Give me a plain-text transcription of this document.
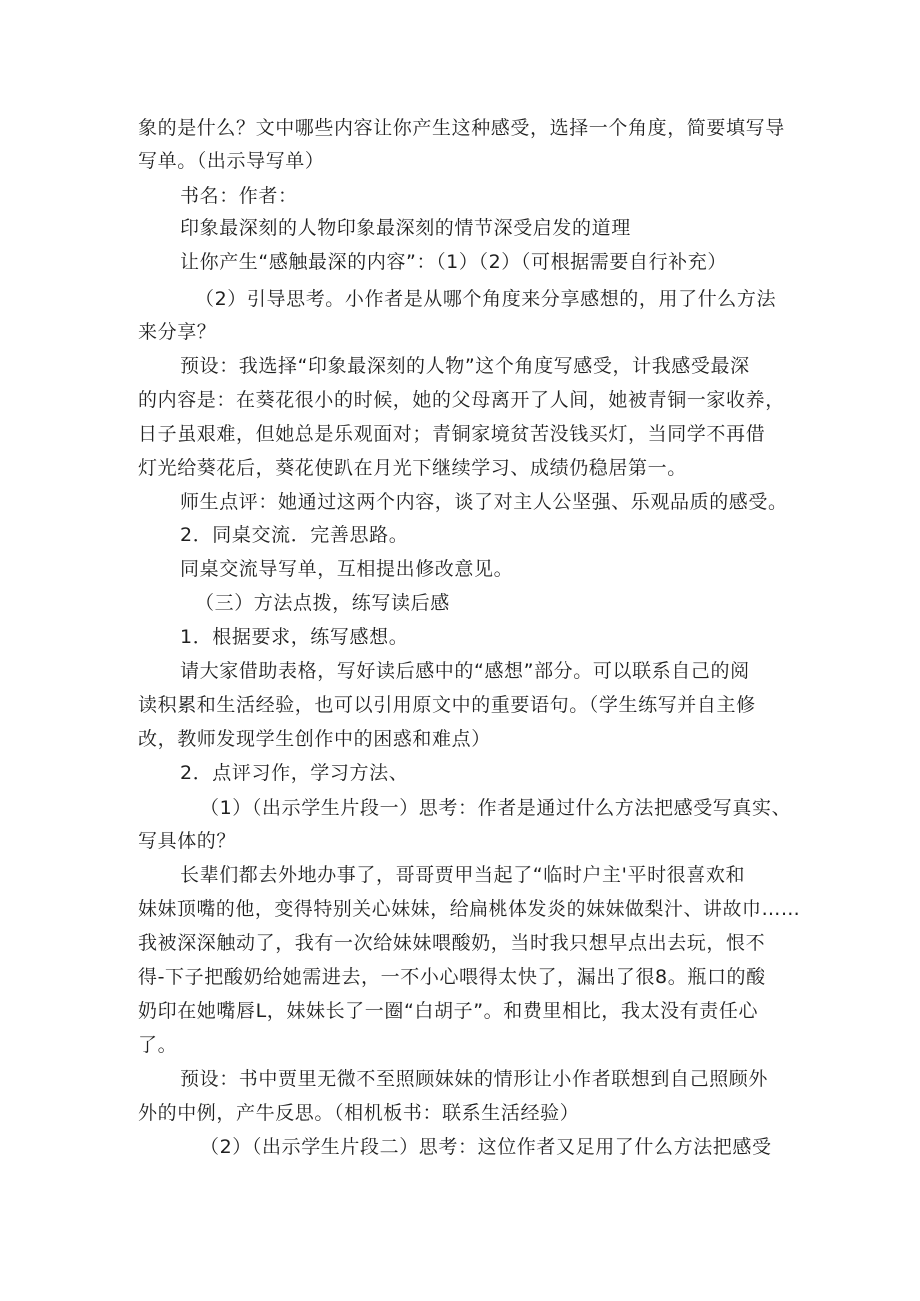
象的是什么？文中哪些内容让你产生这种感受，选择一个角度，简要填写导
写单。（出示导写单）
书名：作者：
印象最深刻的人物印象最深刻的情节深受启发的道理
让你产生“感触最深的内容”：（1）（2）（可根据需要自行补充）
（2）引导思考。小作者是从哪个角度来分享感想的，用了什么方法
来分享？
预设：我选择“印象最深刻的人物”这个角度写感受，计我感受最深
的内容是：在葵花很小的时候，她的父母离开了人间，她被青铜一家收养，
日子虽艰难，但她总是乐观面对；青铜家境贫苦没钱买灯，当同学不再借
灯光给葵花后，葵花使趴在月光下继续学习、成绩仍稳居第一。
师生点评：她通过这两个内容，谈了对主人公坚强、乐观品质的感受。
2．同桌交流．完善思路。
同桌交流导写单，互相提出修改意见。
（三）方法点拨，练写读后感
1．根据要求，练写感想。
请大家借助表格，写好读后感中的“感想”部分。可以联系自己的阅
读积累和生活经验，也可以引用原文中的重要语句。（学生练写并自主修
改，教师发现学生创作中的困惑和难点）
2．点评习作，学习方法、
（1）（出示学生片段一）思考：作者是通过什么方法把感受写真实、
写具体的？
长辈们都去外地办事了，哥哥贾甲当起了“临时户主'平时很喜欢和
妹妹顶嘴的他，变得特别关心妹妹，给扁桃体发炎的妹妹做梨汁、讲故巾……
我被深深触动了，我有一次给妹妹喂酸奶，当时我只想早点出去玩，恨不
得-下子把酸奶给她需进去，一不小心喂得太快了，漏出了很8。瓶口的酸
奶印在她嘴唇L，妹妹长了一圈“白胡子”。和费里相比，我太没有责任心
了。
预设：书中贾里无微不至照顾妹妹的情形让小作者联想到自己照顾外
外的中例，产牛反思。（相机板书：联系生活经验）
（2）（出示学生片段二）思考：这位作者又足用了什么方法把感受
